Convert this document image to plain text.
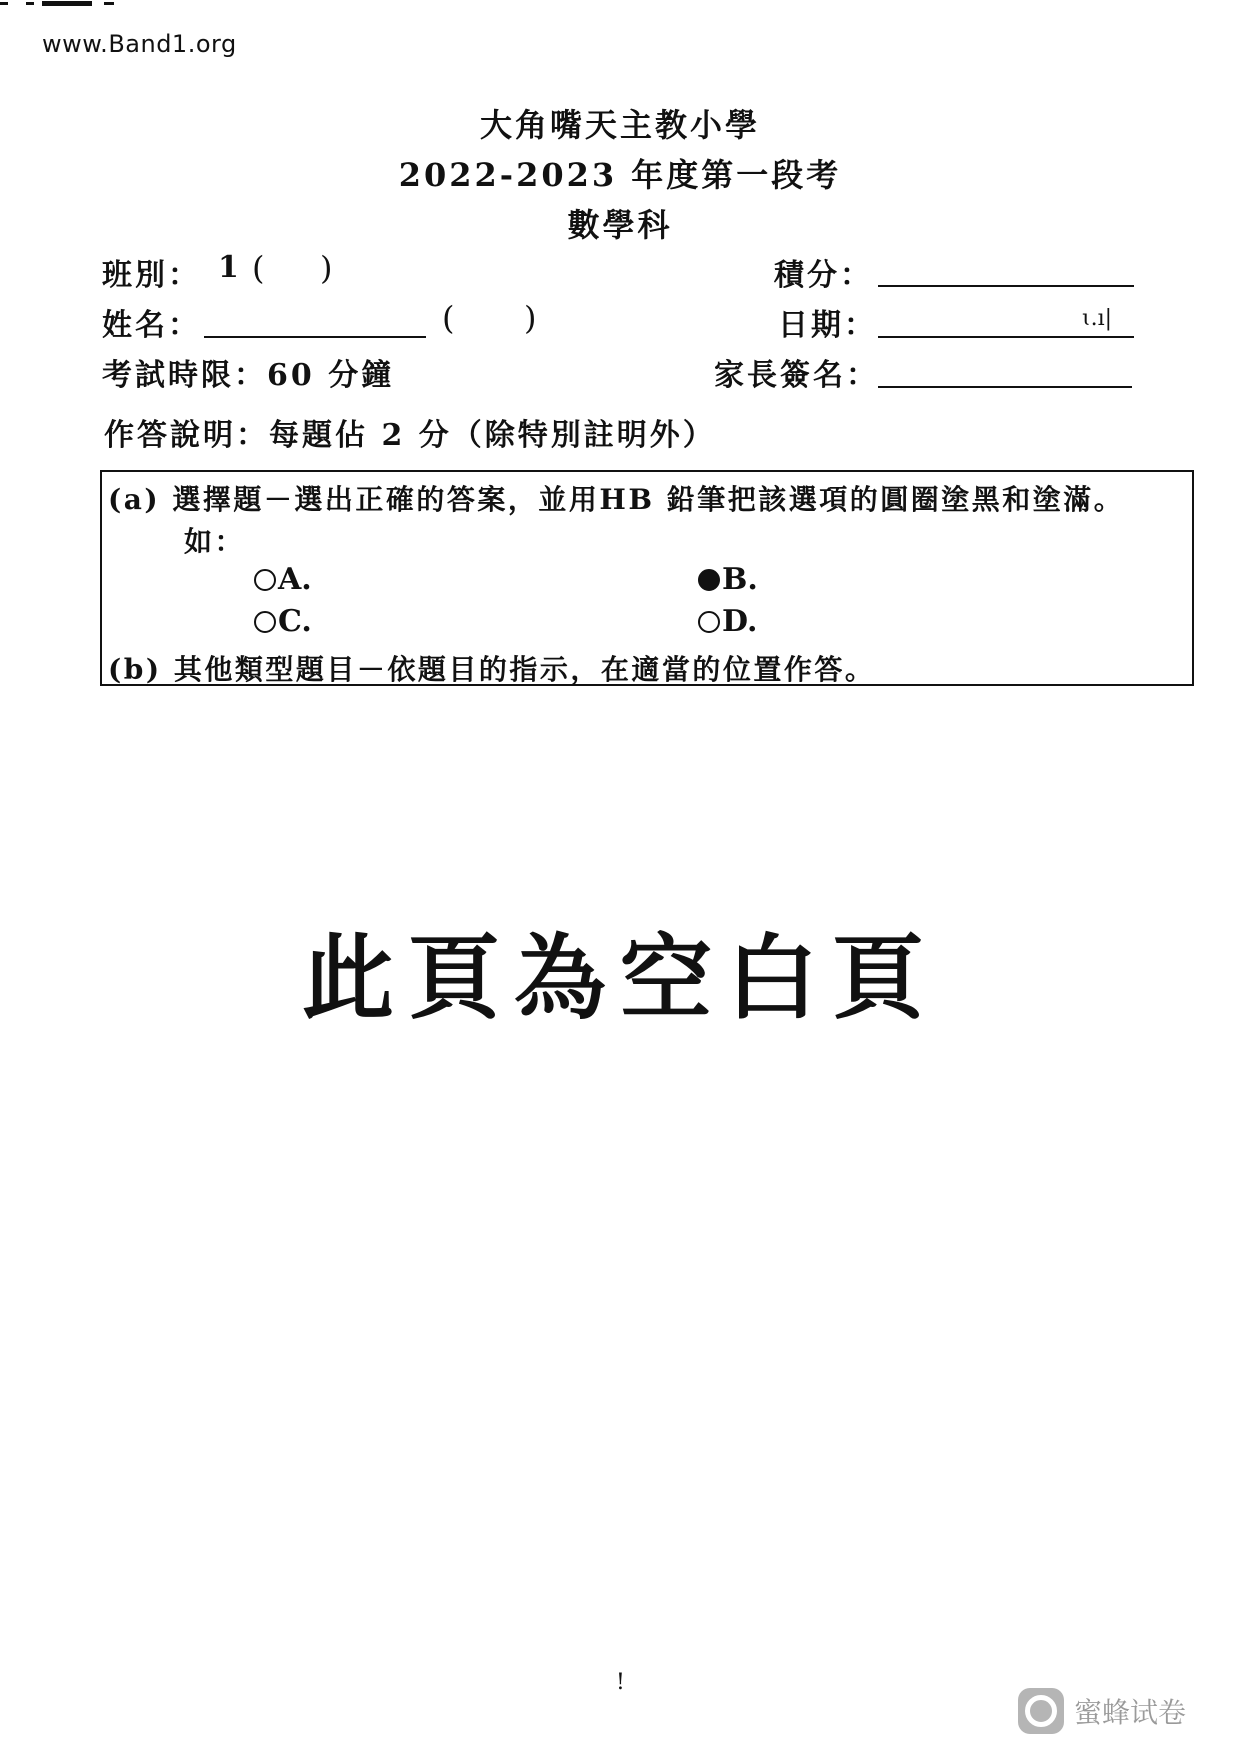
www.Band1.org
大角嘴天主教小學
2022-2023 年度第一段考
數學科
班別： 1 ( )	積分：
姓名：	( )	日期：	ɩ.ı|
考試時限：60 分鐘	家長簽名：
作答說明：每題佔 2 分（除特別註明外）
(a) 選擇題－選出正確的答案，並用HB 鉛筆把該選項的圓圈塗黑和塗滿。
如：
A.	B.
C.	D.
(b) 其他類型題目－依題目的指示，在適當的位置作答。
此頁為空白頁
!
蜜蜂试卷
